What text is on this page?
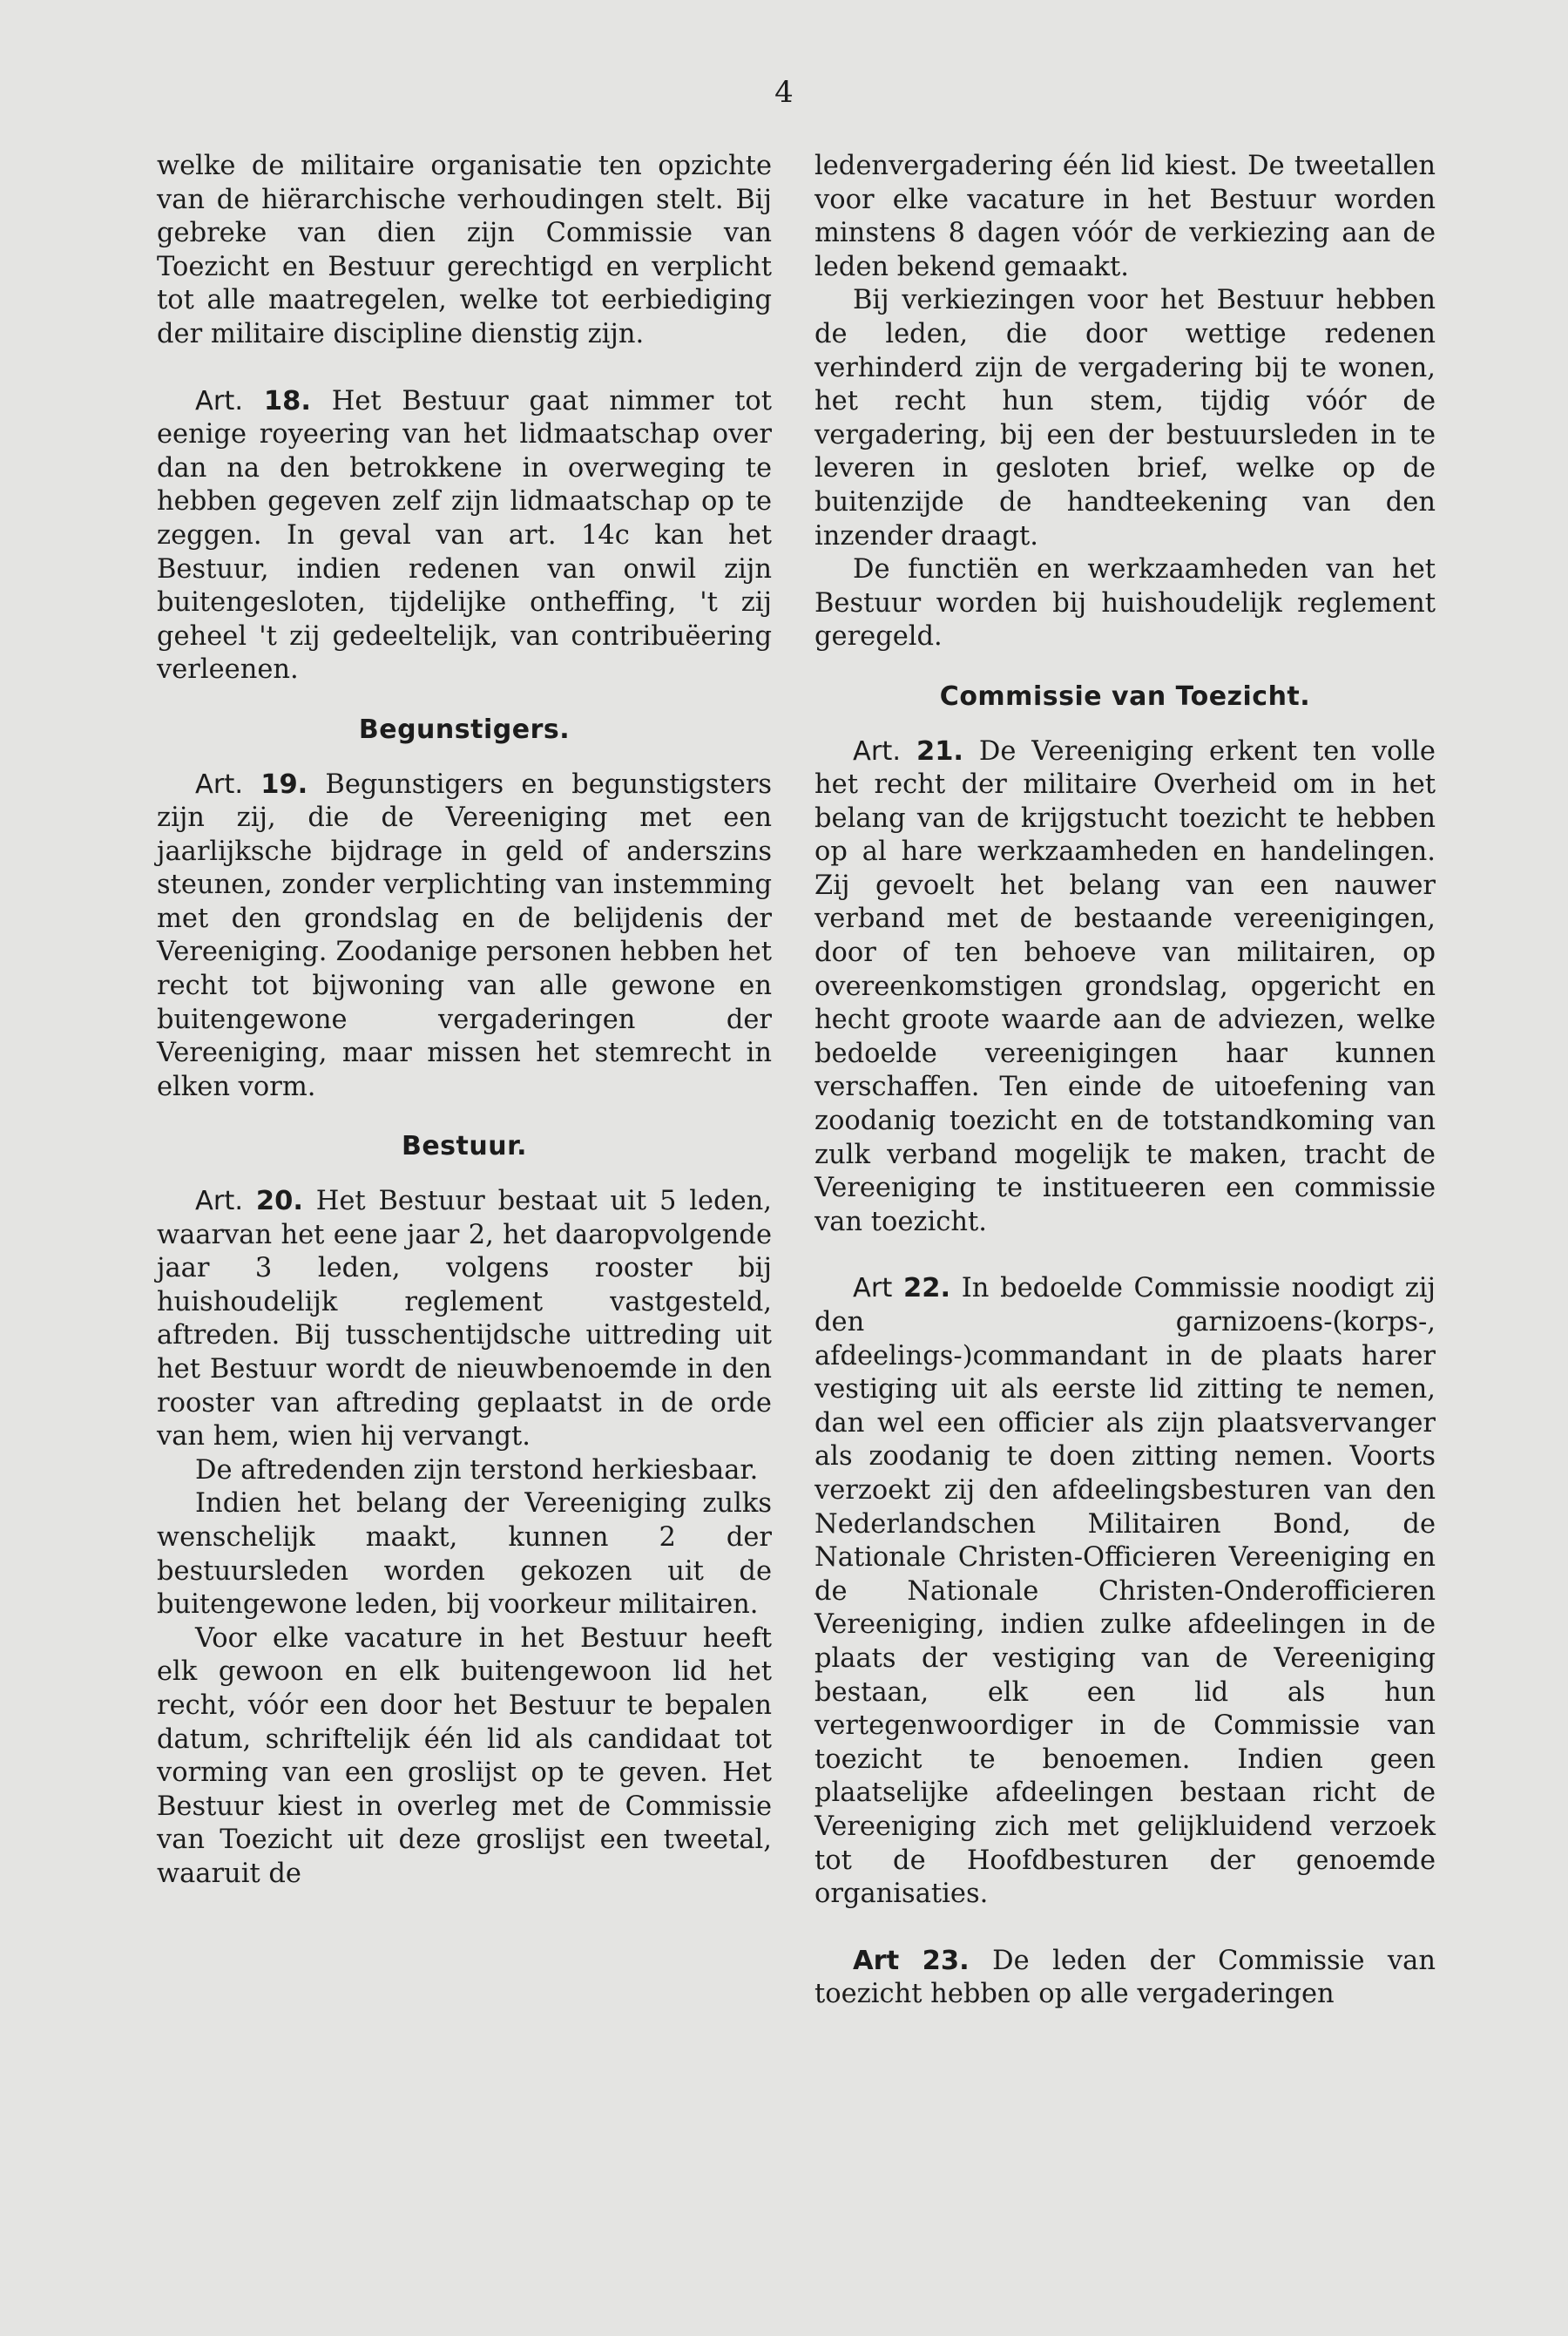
4

welke de militaire organisatie ten opzichte van de hiërarchische verhoudingen stelt. Bij gebreke van dien zijn Commissie van Toezicht en Bestuur gerechtigd en verplicht tot alle maatregelen, welke tot eerbiediging der militaire discipline dienstig zijn.

Art. 18. Het Bestuur gaat nimmer tot eenige royeering van het lidmaatschap over dan na den betrokkene in overweging te hebben gegeven zelf zijn lidmaatschap op te zeggen. In geval van art. 14c kan het Bestuur, indien redenen van onwil zijn buitengesloten, tijdelijke ontheffing, 't zij geheel 't zij gedeeltelijk, van contribuëering verleenen.

Begunstigers.

Art. 19. Begunstigers en begunstigsters zijn zij, die de Vereeniging met een jaarlijksche bijdrage in geld of anderszins steunen, zonder verplichting van instemming met den grondslag en de belijdenis der Vereeniging. Zoodanige personen hebben het recht tot bijwoning van alle gewone en buitengewone vergaderingen der Vereeniging, maar missen het stemrecht in elken vorm.

Bestuur.

Art. 20. Het Bestuur bestaat uit 5 leden, waarvan het eene jaar 2, het daaropvolgende jaar 3 leden, volgens rooster bij huishoudelijk reglement vastgesteld, aftreden. Bij tusschentijdsche uittreding uit het Bestuur wordt de nieuwbenoemde in den rooster van aftreding geplaatst in de orde van hem, wien hij vervangt.

De aftredenden zijn terstond herkiesbaar.

Indien het belang der Vereeniging zulks wenschelijk maakt, kunnen 2 der bestuursleden worden gekozen uit de buitengewone leden, bij voorkeur militairen.

Voor elke vacature in het Bestuur heeft elk gewoon en elk buitengewoon lid het recht, vóór een door het Bestuur te bepalen datum, schriftelijk één lid als candidaat tot vorming van een groslijst op te geven. Het Bestuur kiest in overleg met de Commissie van Toezicht uit deze groslijst een tweetal, waaruit de

ledenvergadering één lid kiest. De tweetallen voor elke vacature in het Bestuur worden minstens 8 dagen vóór de verkiezing aan de leden bekend gemaakt.

Bij verkiezingen voor het Bestuur hebben de leden, die door wettige redenen verhinderd zijn de vergadering bij te wonen, het recht hun stem, tijdig vóór de vergadering, bij een der bestuursleden in te leveren in gesloten brief, welke op de buitenzijde de handteekening van den inzender draagt.

De functiën en werkzaamheden van het Bestuur worden bij huishoudelijk reglement geregeld.

Commissie van Toezicht.

Art. 21. De Vereeniging erkent ten volle het recht der militaire Overheid om in het belang van de krijgstucht toezicht te hebben op al hare werkzaamheden en handelingen. Zij gevoelt het belang van een nauwer verband met de bestaande vereenigingen, door of ten behoeve van militairen, op overeenkomstigen grondslag, opgericht en hecht groote waarde aan de adviezen, welke bedoelde vereenigingen haar kunnen verschaffen. Ten einde de uitoefening van zoodanig toezicht en de totstandkoming van zulk verband mogelijk te maken, tracht de Vereeniging te institueeren een commissie van toezicht.

Art 22. In bedoelde Commissie noodigt zij den garnizoens-(korps-, afdeelings-)commandant in de plaats harer vestiging uit als eerste lid zitting te nemen, dan wel een officier als zijn plaatsvervanger als zoodanig te doen zitting nemen. Voorts verzoekt zij den afdeelingsbesturen van den Nederlandschen Militairen Bond, de Nationale Christen-Officieren Vereeniging en de Nationale Christen-Onderofficieren Vereeniging, indien zulke afdeelingen in de plaats der vestiging van de Vereeniging bestaan, elk een lid als hun vertegenwoordiger in de Commissie van toezicht te benoemen. Indien geen plaatselijke afdeelingen bestaan richt de Vereeniging zich met gelijkluidend verzoek tot de Hoofdbesturen der genoemde organisaties.

Art 23. De leden der Commissie van toezicht hebben op alle vergaderingen
